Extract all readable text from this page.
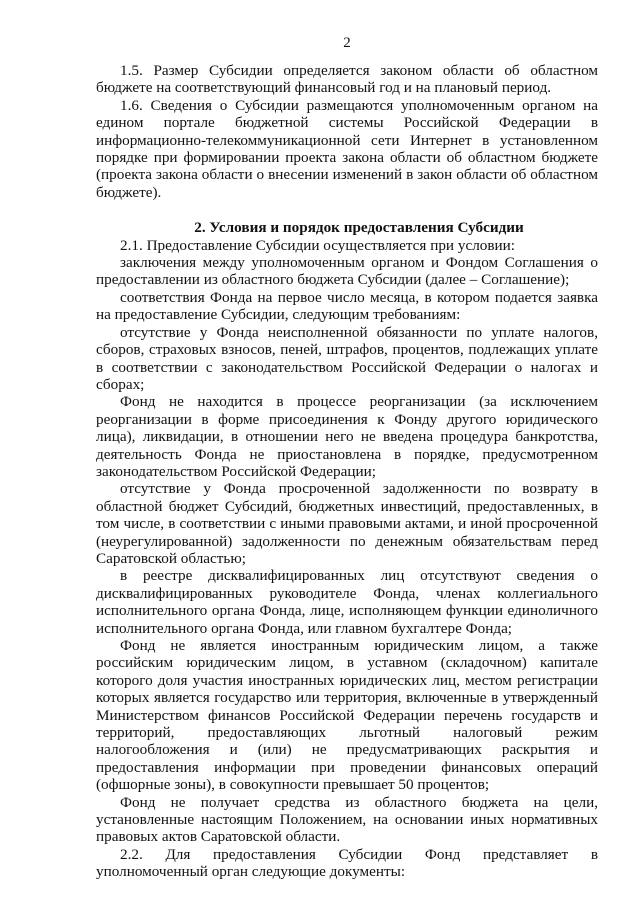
2

1.5. Размер Субсидии определяется законом области об областном бюджете на соответствующий финансовый год и на плановый период.

1.6. Сведения о Субсидии размещаются уполномоченным органом на едином портале бюджетной системы Российской Федерации в информационно-телекоммуникационной сети Интернет в установленном порядке при формировании проекта закона области об областном бюджете (проекта закона области о внесении изменений в закон области об областном бюджете).

2. Условия и порядок предоставления Субсидии

2.1. Предоставление Субсидии осуществляется при условии:

заключения между уполномоченным органом и Фондом Соглашения о предоставлении из областного бюджета Субсидии (далее – Соглашение);

соответствия Фонда на первое число месяца, в котором подается заявка на предоставление Субсидии, следующим требованиям:

отсутствие у Фонда неисполненной обязанности по уплате налогов, сборов, страховых взносов, пеней, штрафов, процентов, подлежащих уплате в соответствии с законодательством Российской Федерации о налогах и сборах;

Фонд не находится в процессе реорганизации (за исключением реорганизации в форме присоединения к Фонду другого юридического лица), ликвидации, в отношении него не введена процедура банкротства, деятельность Фонда не приостановлена в порядке, предусмотренном законодательством Российской Федерации;

отсутствие у Фонда просроченной задолженности по возврату в областной бюджет Субсидий, бюджетных инвестиций, предоставленных, в том числе, в соответствии с иными правовыми актами, и иной просроченной (неурегулированной) задолженности по денежным обязательствам перед Саратовской областью;

в реестре дисквалифицированных лиц отсутствуют сведения о дисквалифицированных руководителе Фонда, членах коллегиального исполнительного органа Фонда, лице, исполняющем функции единоличного исполнительного органа Фонда, или главном бухгалтере Фонда;

Фонд не является иностранным юридическим лицом, а также российским юридическим лицом, в уставном (складочном) капитале которого доля участия иностранных юридических лиц, местом регистрации которых является государство или территория, включенные в утвержденный Министерством финансов Российской Федерации перечень государств и территорий, предоставляющих льготный налоговый режим налогообложения и (или) не предусматривающих раскрытия и предоставления информации при проведении финансовых операций (офшорные зоны), в совокупности превышает 50 процентов;

Фонд не получает средства из областного бюджета на цели, установленные настоящим Положением, на основании иных нормативных правовых актов Саратовской области.

2.2. Для предоставления Субсидии Фонд представляет в уполномоченный орган следующие документы:
